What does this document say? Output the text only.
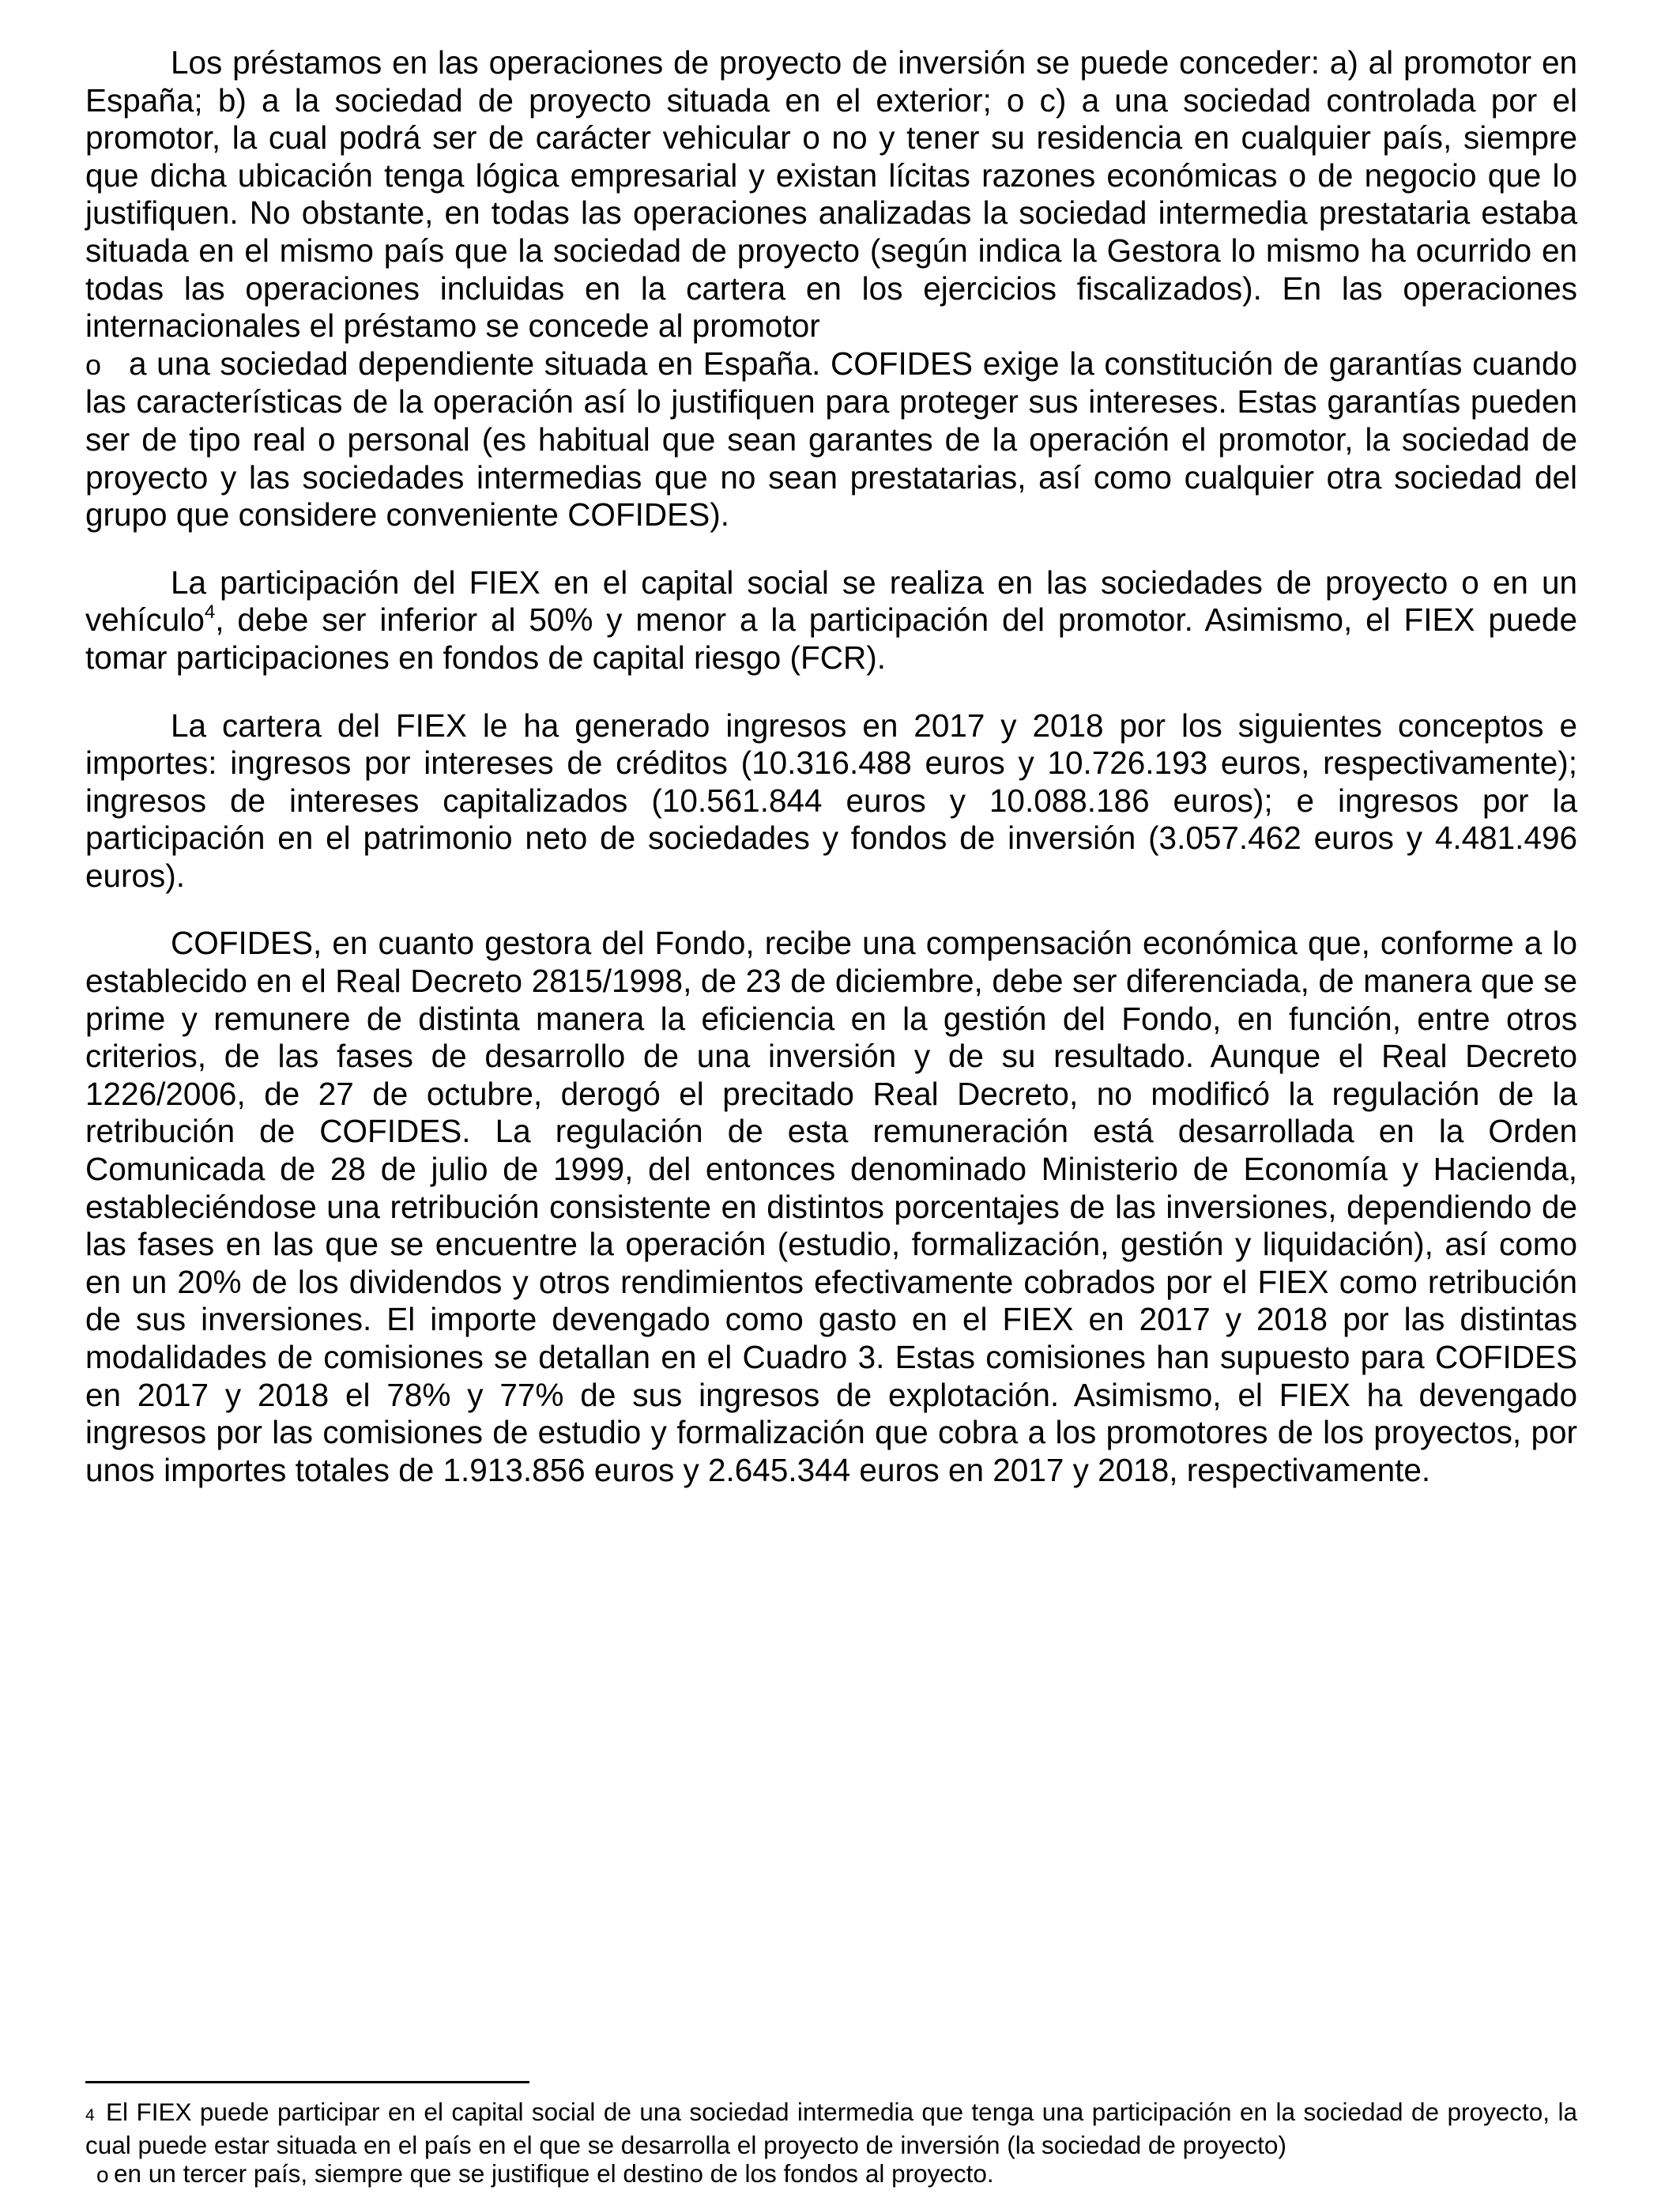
Los préstamos en las operaciones de proyecto de inversión se puede conceder: a) al promotor en España; b) a la sociedad de proyecto situada en el exterior; o c) a una sociedad controlada por el promotor, la cual podrá ser de carácter vehicular o no y tener su residencia en cualquier país, siempre que dicha ubicación tenga lógica empresarial y existan lícitas razones económicas o de negocio que lo justifiquen. No obstante, en todas las operaciones analizadas la sociedad intermedia prestataria estaba situada en el mismo país que la sociedad de proyecto (según indica la Gestora lo mismo ha ocurrido en todas las operaciones incluidas en la cartera en los ejercicios fiscalizados). En las operaciones internacionales el préstamo se concede al promotor
o a una sociedad dependiente situada en España. COFIDES exige la constitución de garantías cuando las características de la operación así lo justifiquen para proteger sus intereses. Estas garantías pueden ser de tipo real o personal (es habitual que sean garantes de la operación el promotor, la sociedad de proyecto y las sociedades intermedias que no sean prestatarias, así como cualquier otra sociedad del grupo que considere conveniente COFIDES).

La participación del FIEX en el capital social se realiza en las sociedades de proyecto o en un vehículo$^4$, debe ser inferior al 50% y menor a la participación del promotor. Asimismo, el FIEX puede tomar participaciones en fondos de capital riesgo (FCR).

La cartera del FIEX le ha generado ingresos en 2017 y 2018 por los siguientes conceptos e importes: ingresos por intereses de créditos (10.316.488 euros y 10.726.193 euros, respectivamente); ingresos de intereses capitalizados (10.561.844 euros y 10.088.186 euros); e ingresos por la participación en el patrimonio neto de sociedades y fondos de inversión (3.057.462 euros y 4.481.496 euros).

COFIDES, en cuanto gestora del Fondo, recibe una compensación económica que, conforme a lo establecido en el Real Decreto 2815/1998, de 23 de diciembre, debe ser diferenciada, de manera que se prime y remunere de distinta manera la eficiencia en la gestión del Fondo, en función, entre otros criterios, de las fases de desarrollo de una inversión y de su resultado. Aunque el Real Decreto 1226/2006, de 27 de octubre, derogó el precitado Real Decreto, no modificó la regulación de la retribución de COFIDES. La regulación de esta remuneración está desarrollada en la Orden Comunicada de 28 de julio de 1999, del entonces denominado Ministerio de Economía y Hacienda, estableciéndose una retribución consistente en distintos porcentajes de las inversiones, dependiendo de las fases en las que se encuentre la operación (estudio, formalización, gestión y liquidación), así como en un 20% de los dividendos y otros rendimientos efectivamente cobrados por el FIEX como retribución de sus inversiones. El importe devengado como gasto en el FIEX en 2017 y 2018 por las distintas modalidades de comisiones se detallan en el Cuadro 3. Estas comisiones han supuesto para COFIDES en 2017 y 2018 el 78% y 77% de sus ingresos de explotación. Asimismo, el FIEX ha devengado ingresos por las comisiones de estudio y formalización que cobra a los promotores de los proyectos, por unos importes totales de 1.913.856 euros y 2.645.344 euros en 2017 y 2018, respectivamente.

4 El FIEX puede participar en el capital social de una sociedad intermedia que tenga una participación en la sociedad de proyecto, la cual puede estar situada en el país en el que se desarrolla el proyecto de inversión (la sociedad de proyecto)
o en un tercer país, siempre que se justifique el destino de los fondos al proyecto.
